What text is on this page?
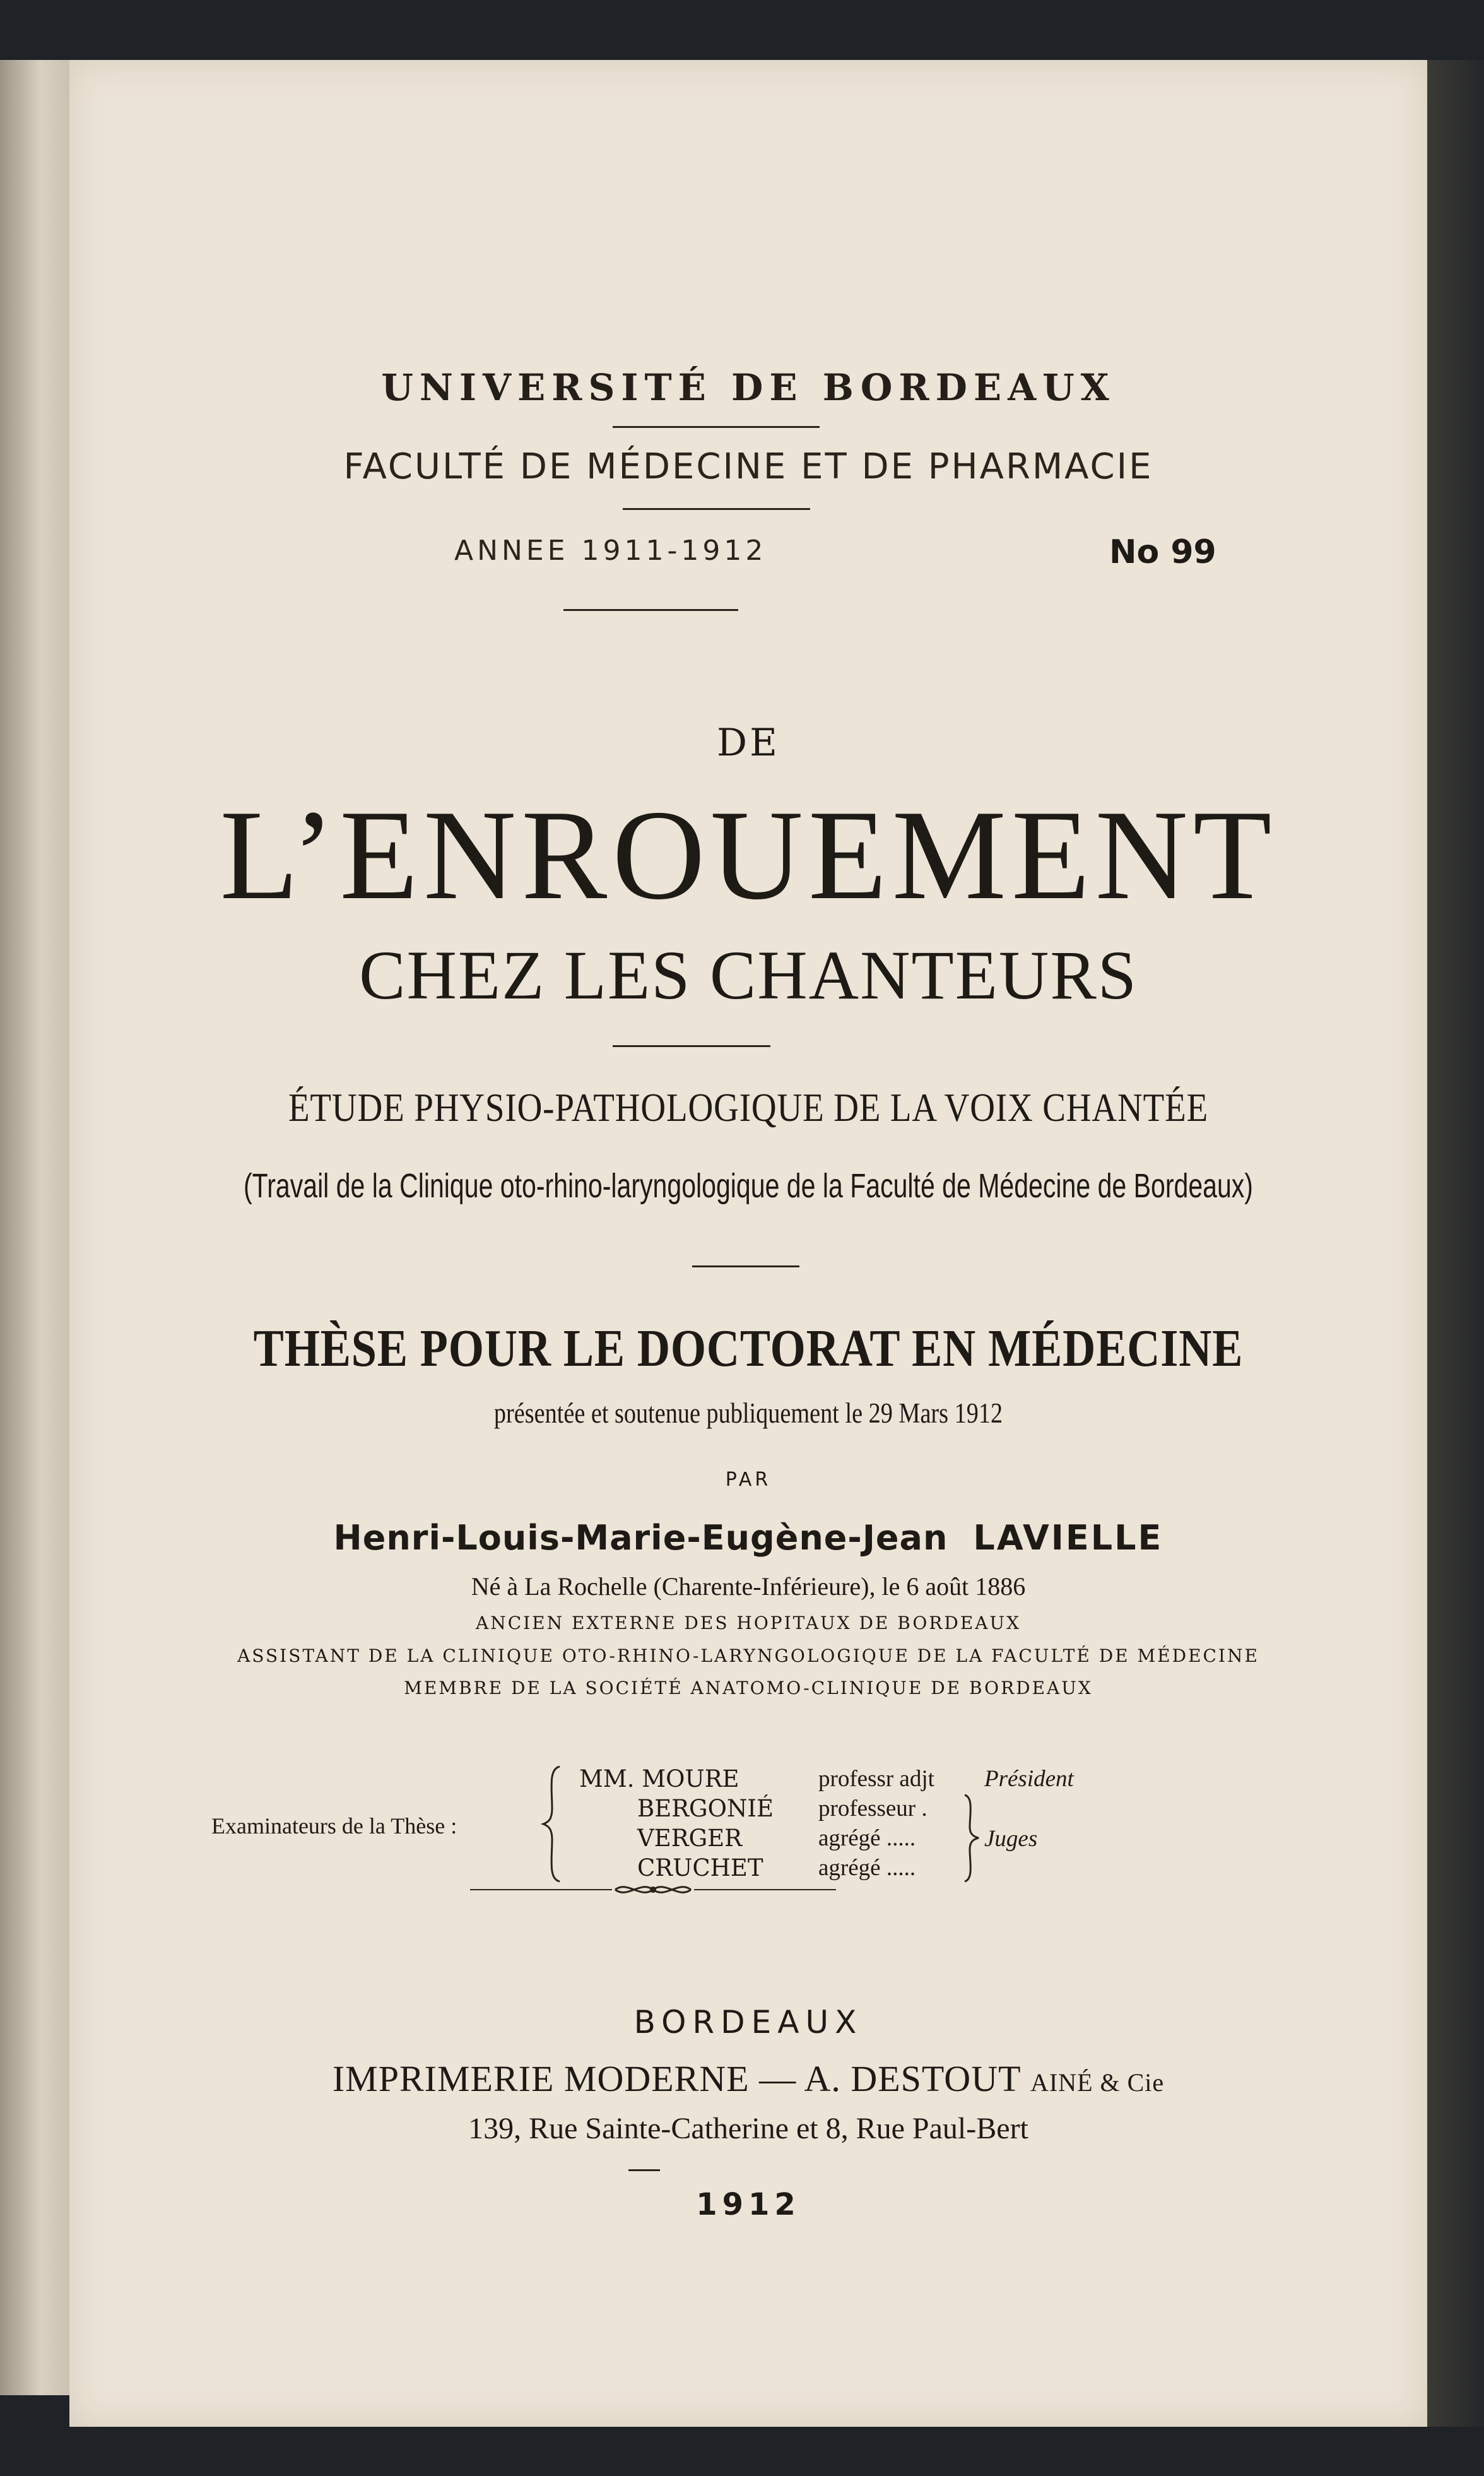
UNIVERSITÉ DE BORDEAUX
FACULTÉ DE MÉDECINE ET DE PHARMACIE
ANNEE 1911-1912	No 99
DE
L’ENROUEMENT
CHEZ LES CHANTEURS
ÉTUDE PHYSIO-PATHOLOGIQUE DE LA VOIX CHANTÉE
(Travail de la Clinique oto-rhino-laryngologique de la Faculté de Médecine de Bordeaux)
THÈSE POUR LE DOCTORAT EN MÉDECINE
présentée et soutenue publiquement le 29 Mars 1912
PAR
Henri-Louis-Marie-Eugène-Jean LAVIELLE
Né à La Rochelle (Charente-Inférieure), le 6 août 1886
ANCIEN EXTERNE DES HOPITAUX DE BORDEAUX
ASSISTANT DE LA CLINIQUE OTO-RHINO-LARYNGOLOGIQUE DE LA FACULTÉ DE MÉDECINE
MEMBRE DE LA SOCIÉTÉ ANATOMO-CLINIQUE DE BORDEAUX
Examinateurs de la Thèse :
MM. MOURE
BERGONIÉ
VERGER
CRUCHET
professr adjt
professeur .
agrégé .....
agrégé .....
Président
Juges
BORDEAUX
IMPRIMERIE MODERNE — A. DESTOUT AINÉ & Cie
139, Rue Sainte-Catherine et 8, Rue Paul-Bert
1912
